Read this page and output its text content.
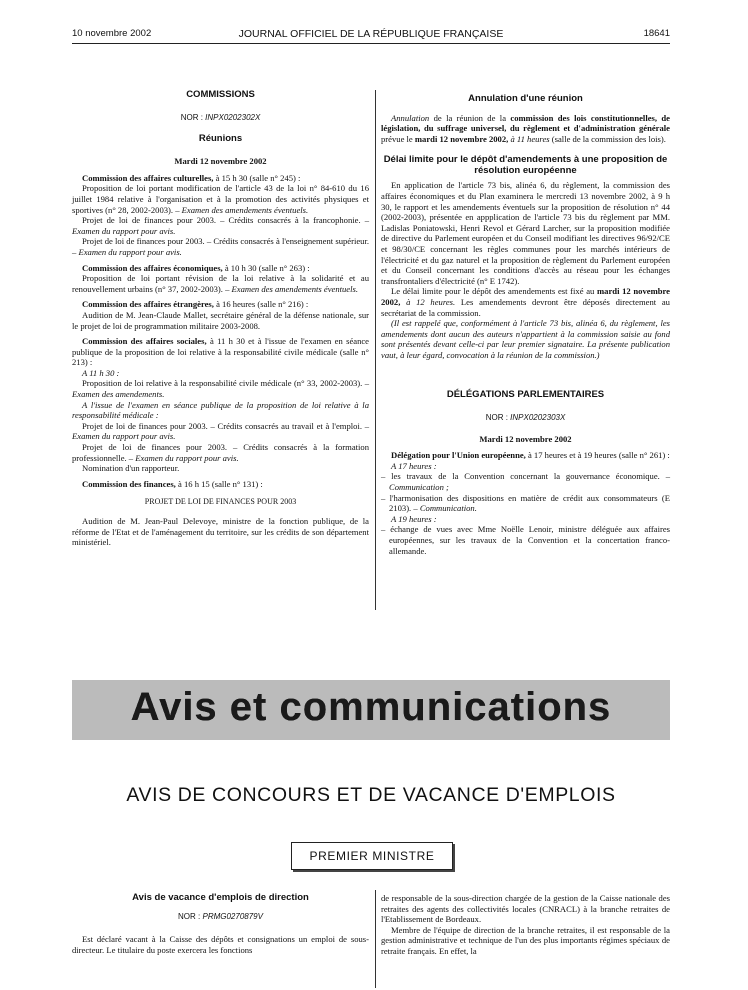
10 novembre 2002	JOURNAL OFFICIEL DE LA RÉPUBLIQUE FRANÇAISE	18641
COMMISSIONS
NOR : INPX0202302X
Réunions
Mardi 12 novembre 2002

Commission des affaires culturelles, à 15 h 30 (salle n° 245) :

Proposition de loi portant modification de l'article 43 de la loi n° 84-610 du 16 juillet 1984 relative à l'organisation et à la promotion des activités physiques et sportives (n° 28, 2002-2003). – Examen des amendements éventuels.

Projet de loi de finances pour 2003. – Crédits consacrés à la francophonie. – Examen du rapport pour avis.

Projet de loi de finances pour 2003. – Crédits consacrés à l'enseignement supérieur. – Examen du rapport pour avis.

Commission des affaires économiques, à 10 h 30 (salle n° 263) :

Proposition de loi portant révision de la loi relative à la solidarité et au renouvellement urbains (n° 37, 2002-2003). – Examen des amendements éventuels.

Commission des affaires étrangères, à 16 heures (salle n° 216) :

Audition de M. Jean-Claude Mallet, secrétaire général de la défense nationale, sur le projet de loi de programmation militaire 2003-2008.

Commission des affaires sociales, à 11 h 30 et à l'issue de l'examen en séance publique de la proposition de loi relative à la responsabilité civile médicale (salle n° 213) :

A 11 h 30 :

Proposition de loi relative à la responsabilité civile médicale (n° 33, 2002-2003). – Examen des amendements.

A l'issue de l'examen en séance publique de la proposition de loi relative à la responsabilité médicale :

Projet de loi de finances pour 2003. – Crédits consacrés au travail et à l'emploi. – Examen du rapport pour avis.

Projet de loi de finances pour 2003. – Crédits consacrés à la formation professionnelle. – Examen du rapport pour avis.

Nomination d'un rapporteur.

Commission des finances, à 16 h 15 (salle n° 131) :

PROJET DE LOI DE FINANCES POUR 2003

Audition de M. Jean-Paul Delevoye, ministre de la fonction publique, de la réforme de l'Etat et de l'aménagement du territoire, sur les crédits de son département ministériel.

Annulation d'une réunion

Annulation de la réunion de la commission des lois constitutionnelles, de législation, du suffrage universel, du règlement et d'administration générale prévue le mardi 12 novembre 2002, à 11 heures (salle de la commission des lois).

Délai limite pour le dépôt d'amendements à une proposition de résolution européenne

En application de l'article 73 bis, alinéa 6, du règlement, la commission des affaires économiques et du Plan examinera le mercredi 13 novembre 2002, à 9 h 30, le rapport et les amendements éventuels sur la proposition de résolution n° 44 (2002-2003), présentée en appplication de l'article 73 bis du règlement par MM. Ladislas Poniatowski, Henri Revol et Gérard Larcher, sur la proposition modifiée de directive du Parlement européen et du Conseil modifiant les directives 96/92/CE et 98/30/CE concernant les règles communes pour les marchés intérieurs de l'électricité et du gaz naturel et la proposition de règlement du Parlement européen et du Conseil concernant les conditions d'accès au réseau pour les échanges transfrontaliers d'électricité (n° E 1742).

Le délai limite pour le dépôt des amendements est fixé au mardi 12 novembre 2002, à 12 heures. Les amendements devront être déposés directement au secrétariat de la commission.

(Il est rappelé que, conformément à l'article 73 bis, alinéa 6, du règlement, les amendements dont aucun des auteurs n'appartient à la commission saisie au fond sont présentés devant celle-ci par leur premier signataire. La présente publication vaut, à leur égard, convocation à la réunion de la commission.)

DÉLÉGATIONS PARLEMENTAIRES
NOR : INPX0202303X
Mardi 12 novembre 2002

Délégation pour l'Union européenne, à 17 heures et à 19 heures (salle n° 261) :

A 17 heures :

– les travaux de la Convention concernant la gouvernance économique. – Communication ;

– l'harmonisation des dispositions en matière de crédit aux consommateurs (E 2103). – Communication.

A 19 heures :

– échange de vues avec Mme Noëlle Lenoir, ministre déléguée aux affaires européennes, sur les travaux de la Convention et la concertation franco-allemande.

Avis et communications
AVIS DE CONCOURS ET DE VACANCE D'EMPLOIS
PREMIER MINISTRE
Avis de vacance d'emplois de direction
NOR : PRMG0270879V

Est déclaré vacant à la Caisse des dépôts et consignations un emploi de sous-directeur. Le titulaire du poste exercera les fonctions

de responsable de la sous-direction chargée de la gestion de la Caisse nationale des retraites des agents des collectivités locales (CNRACL) à la branche retraites de l'Etablissement de Bordeaux.

Membre de l'équipe de direction de la branche retraites, il est responsable de la gestion administrative et technique de l'un des plus importants régimes spéciaux de retraite français. En effet, la
